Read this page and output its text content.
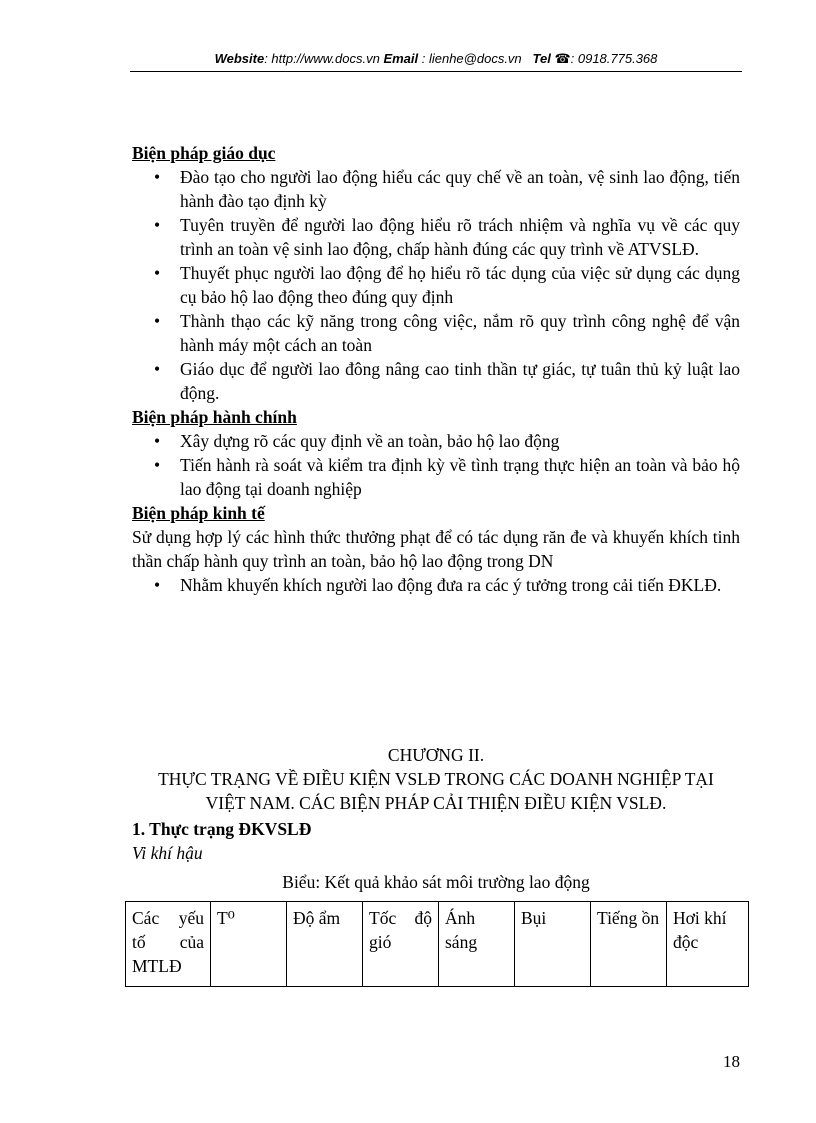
Website: http://www.docs.vn Email : lienhe@docs.vn Tel ☎: 0918.775.368
Biện pháp giáo dục
• Đào tạo cho người lao động hiểu các quy chế về an toàn, vệ sinh lao động, tiến hành đào tạo định kỳ
• Tuyên truyền để người lao động hiểu rõ trách nhiệm và nghĩa vụ về các quy trình an toàn vệ sinh lao động, chấp hành đúng các quy trình về ATVSLĐ.
• Thuyết phục người lao động để họ hiểu rõ tác dụng của việc sử dụng các dụng cụ bảo hộ lao động theo đúng quy định
• Thành thạo các kỹ năng trong công việc, nắm rõ quy trình công nghệ để vận hành máy một cách an toàn
• Giáo dục để người lao đông nâng cao tinh thần tự giác, tự tuân thủ kỷ luật lao động.
Biện pháp hành chính
• Xây dựng rõ các quy định về an toàn, bảo hộ lao động
• Tiến hành rà soát và kiểm tra định kỳ về tình trạng thực hiện an toàn và bảo hộ lao động tại doanh nghiệp
Biện pháp kinh tế
Sử dụng hợp lý các hình thức thưởng phạt để có tác dụng răn đe và khuyến khích tinh thần chấp hành quy trình an toàn, bảo hộ lao động trong DN
• Nhằm khuyến khích người lao động đưa ra các ý tưởng trong cải tiến ĐKLĐ.
CHƯƠNG II.
THỰC TRẠNG VỀ ĐIỀU KIỆN VSLĐ TRONG CÁC DOANH NGHIỆP TẠI
VIỆT NAM. CÁC BIỆN PHÁP CẢI THIỆN ĐIỀU KIỆN VSLĐ.
1. Thực trạng ĐKVSLĐ
Vi khí hậu
Biểu: Kết quả khảo sát môi trường lao động
Các yếu tố của MTLĐ	T⁰	Độ ẩm	Tốc độ gió	Ánh sáng	Bụi	Tiếng ồn	Hơi khí độc
18
